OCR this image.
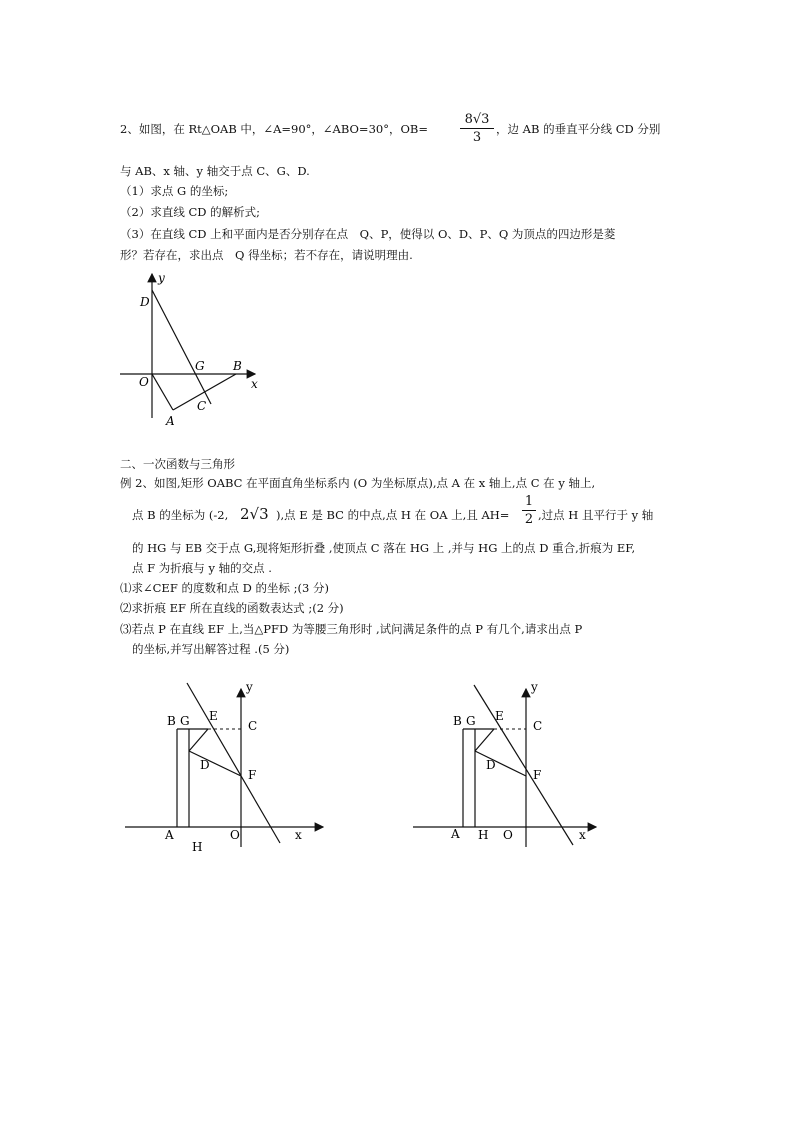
2、如图，在 Rt△OAB 中，∠A=90°，∠ABO=30°，OB=
8√3
3
，边 AB 的垂直平分线 CD 分别
与 AB、x 轴、y 轴交于点 C、G、D.
（1）求点 G 的坐标;
（2）求直线 CD 的解析式;
（3）在直线 CD 上和平面内是否分别存在点　Q、P，使得以 O、D、P、Q 为顶点的四边形是菱
形？若存在，求出点　Q 得坐标；若不存在，请说明理由.
y
x
D
O
G B
C
A
二、一次函数与三角形
例 2、如图,矩形 OABC 在平面直角坐标系内 (O 为坐标原点),点 A 在 x 轴上,点 C 在 y 轴上,
点 B 的坐标为 (-2, 2√3 ),点 E 是 BC 的中点,点 H 在 OA 上,且 AH=
1
2 ,过点 H 且平行于 y 轴
的 HG 与 EB 交于点 G,现将矩形折叠 ,使顶点 C 落在 HG 上 ,并与 HG 上的点 D 重合,折痕为 EF,
点 F 为折痕与 y 轴的交点 .
⑴求∠CEF 的度数和点 D 的坐标 ;(3 分)
⑵求折痕 EF 所在直线的函数表达式 ;(2 分)
⑶若点 P 在直线 EF 上,当△PFD 为等腰三角形时 ,试问满足条件的点 P 有几个,请求出点 P
的坐标,并写出解答过程 .(5 分)
y
x
B G E
C
D
F
A	O
H
y
x
B G E
C
D
F
A H O
